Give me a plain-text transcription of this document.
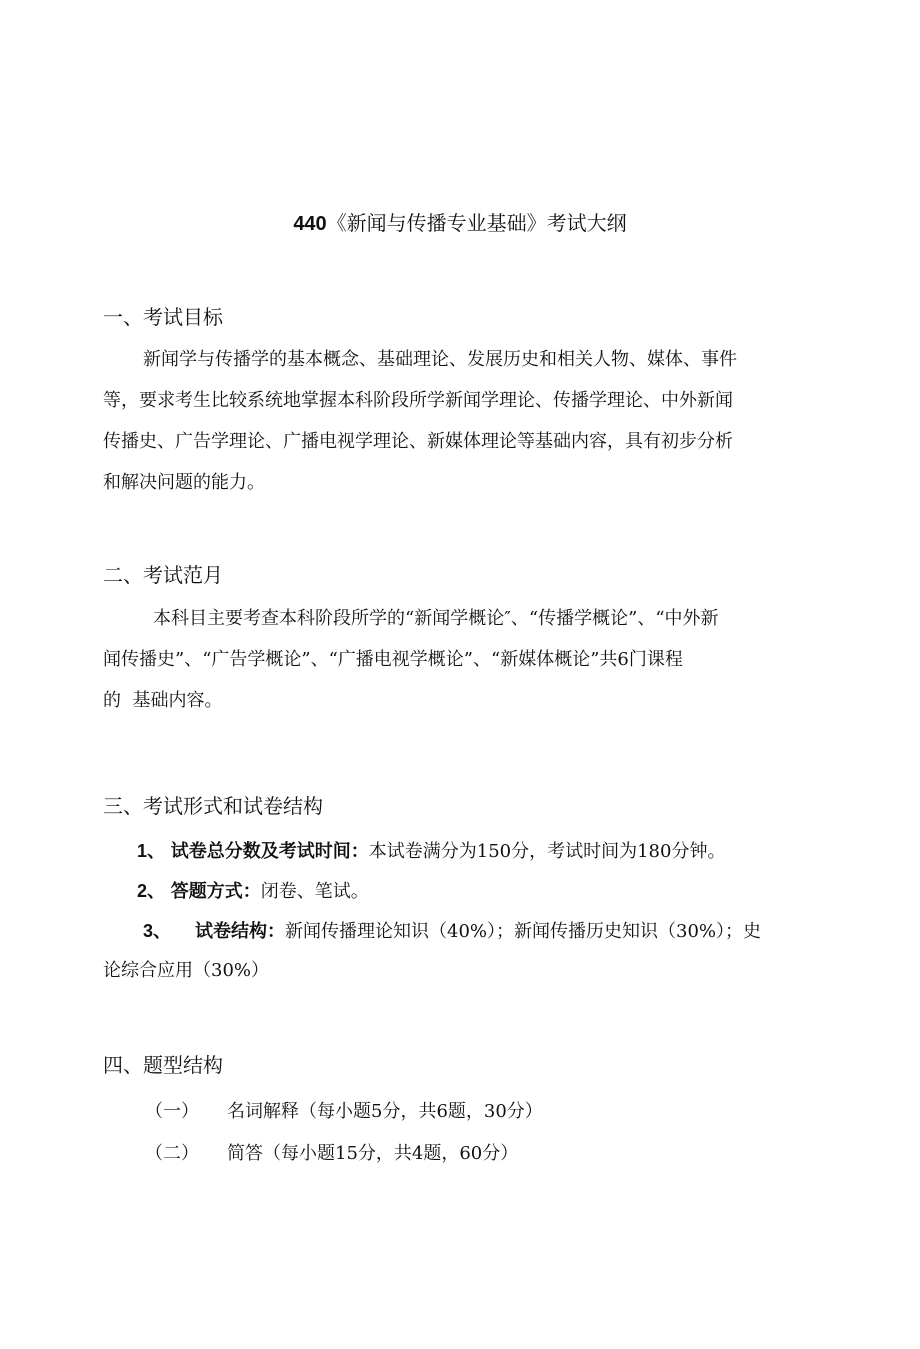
440《新闻与传播专业基础》考试大纲
一、考试目标
新闻学与传播学的基本概念、基础理论、发展历史和相关人物、媒体、事件
等，要求考生比较系统地掌握本科阶段所学新闻学理论、传播学理论、中外新闻
传播史、广告学理论、广播电视学理论、新媒体理论等基础内容，具有初步分析
和解决问题的能力。
二、考试范月
本科目主要考查本科阶段所学的“新闻学概论″、“传播学概论”、“中外新
闻传播史”、“广告学概论”、“广播电视学概论”、“新媒体概论”共6门课程
的  基础内容。
三、考试形式和试卷结构
1、 试卷总分数及考试时间：本试卷满分为150分，考试时间为180分钟。
2、 答题方式：闭卷、笔试。
3、 试卷结构：新闻传播理论知识（40%）；新闻传播历史知识（30%）；史
论综合应用（30%）
四、题型结构
（一） 名词解释（每小题5分，共6题，30分）
（二） 简答（每小题15分，共4题，60分）
